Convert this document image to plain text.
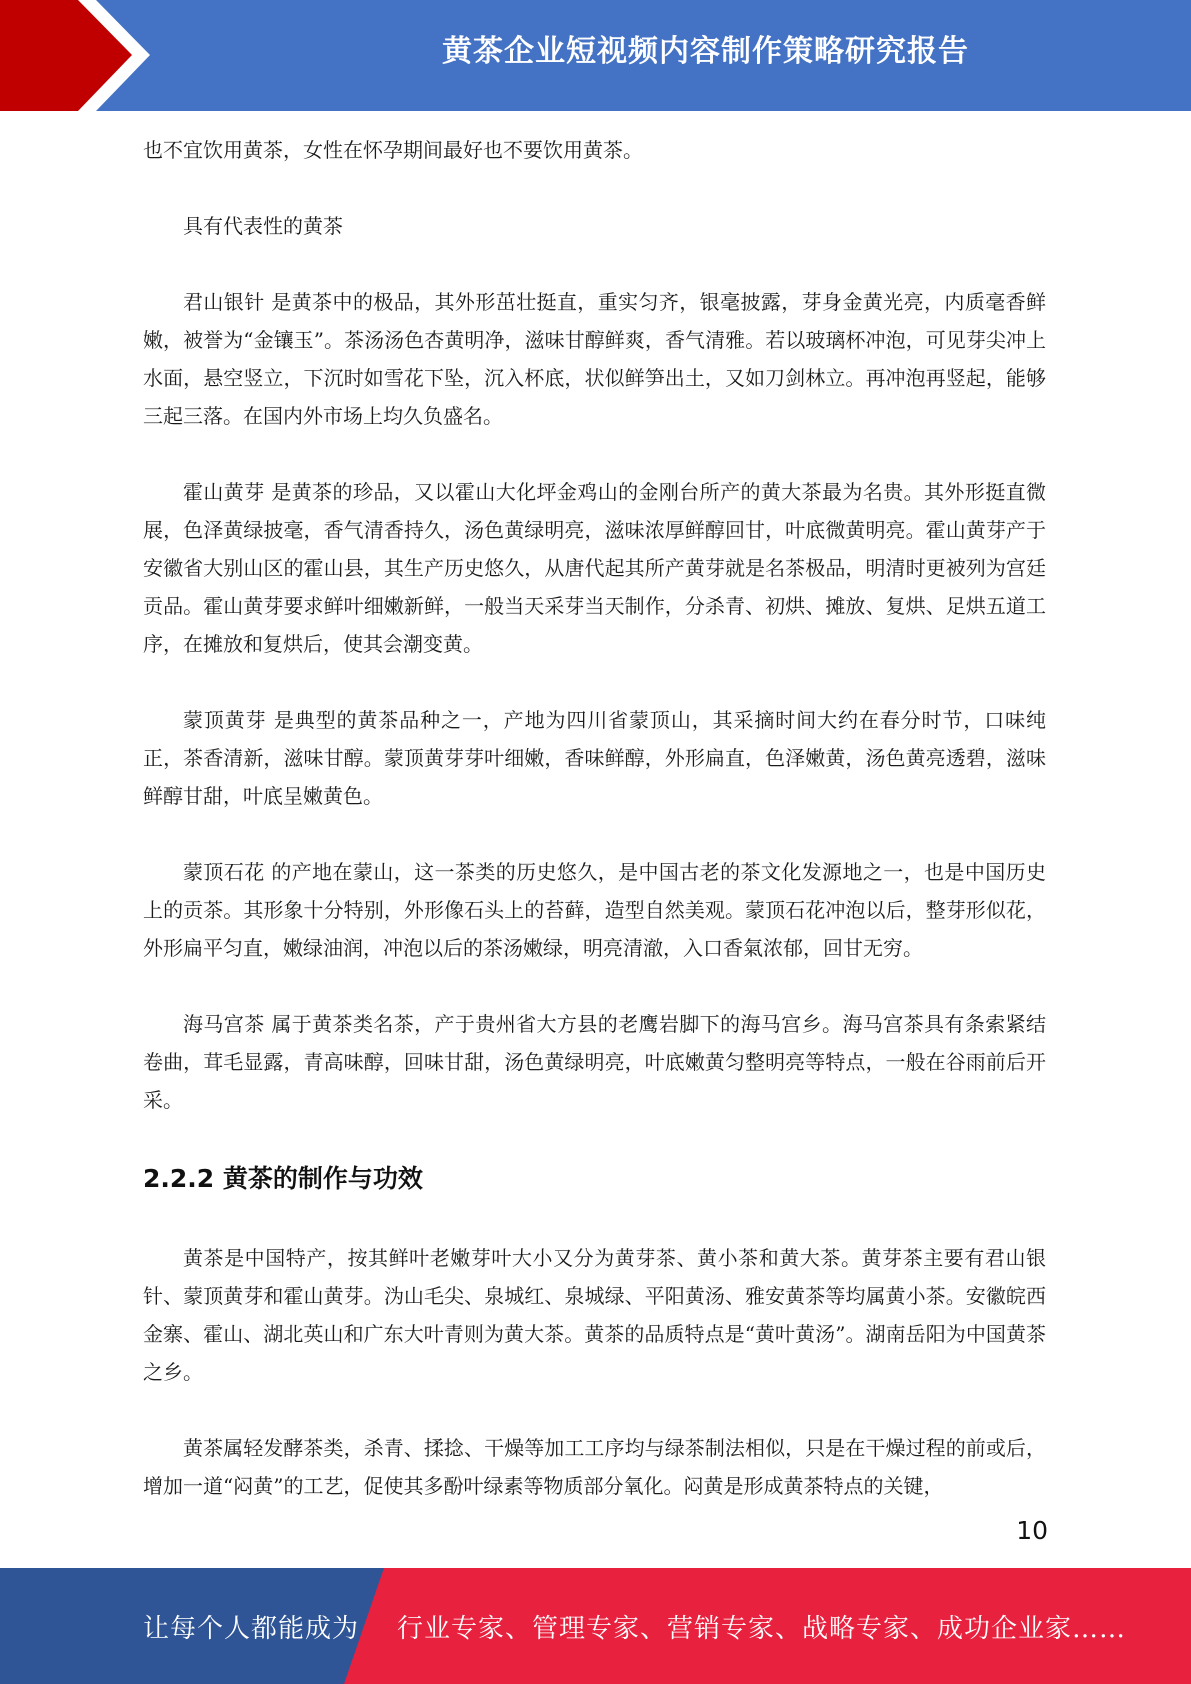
黄茶企业短视频内容制作策略研究报告

也不宜饮用黄茶，女性在怀孕期间最好也不要饮用黄茶。

具有代表性的黄茶

君山银针 是黄茶中的极品，其外形茁壮挺直，重实匀齐，银毫披露，芽身金黄光亮，内质毫香鲜嫩，被誉为“金镶玉”。茶汤汤色杏黄明净，滋味甘醇鲜爽，香气清雅。若以玻璃杯冲泡，可见芽尖冲上水面，悬空竖立，下沉时如雪花下坠，沉入杯底，状似鲜笋出土，又如刀剑林立。再冲泡再竖起，能够三起三落。在国内外市场上均久负盛名。

霍山黄芽 是黄茶的珍品，又以霍山大化坪金鸡山的金刚台所产的黄大茶最为名贵。其外形挺直微展，色泽黄绿披毫，香气清香持久，汤色黄绿明亮，滋味浓厚鲜醇回甘，叶底微黄明亮。霍山黄芽产于安徽省大别山区的霍山县，其生产历史悠久，从唐代起其所产黄芽就是名茶极品，明清时更被列为宫廷贡品。霍山黄芽要求鲜叶细嫩新鲜，一般当天采芽当天制作，分杀青、初烘、摊放、复烘、足烘五道工序，在摊放和复烘后，使其会潮变黄。

蒙顶黄芽 是典型的黄茶品种之一，产地为四川省蒙顶山，其采摘时间大约在春分时节，口味纯正，茶香清新，滋味甘醇。蒙顶黄芽芽叶细嫩，香味鲜醇，外形扁直，色泽嫩黄，汤色黄亮透碧，滋味鲜醇甘甜，叶底呈嫩黄色。

蒙顶石花 的产地在蒙山，这一茶类的历史悠久，是中国古老的茶文化发源地之一，也是中国历史上的贡茶。其形象十分特别，外形像石头上的苔藓，造型自然美观。蒙顶石花冲泡以后，整芽形似花，外形扁平匀直，嫩绿油润，冲泡以后的茶汤嫩绿，明亮清澈，入口香氣浓郁，回甘无穷。

海马宫茶 属于黄茶类名茶，产于贵州省大方县的老鹰岩脚下的海马宫乡。海马宫茶具有条索紧结卷曲，茸毛显露，青高味醇，回味甘甜，汤色黄绿明亮，叶底嫩黄匀整明亮等特点，一般在谷雨前后开采。

2.2.2 黄茶的制作与功效

黄茶是中国特产，按其鲜叶老嫩芽叶大小又分为黄芽茶、黄小茶和黄大茶。黄芽茶主要有君山银针、蒙顶黄芽和霍山黄芽。沩山毛尖、泉城红、泉城绿、平阳黄汤、雅安黄茶等均属黄小茶。安徽皖西金寨、霍山、湖北英山和广东大叶青则为黄大茶。黄茶的品质特点是“黄叶黄汤”。湖南岳阳为中国黄茶之乡。

黄茶属轻发酵茶类，杀青、揉捻、干燥等加工工序均与绿茶制法相似，只是在干燥过程的前或后，增加一道“闷黄”的工艺，促使其多酚叶绿素等物质部分氧化。闷黄是形成黄茶特点的关键，

10
让每个人都能成为 行业专家、管理专家、营销专家、战略专家、成功企业家……
